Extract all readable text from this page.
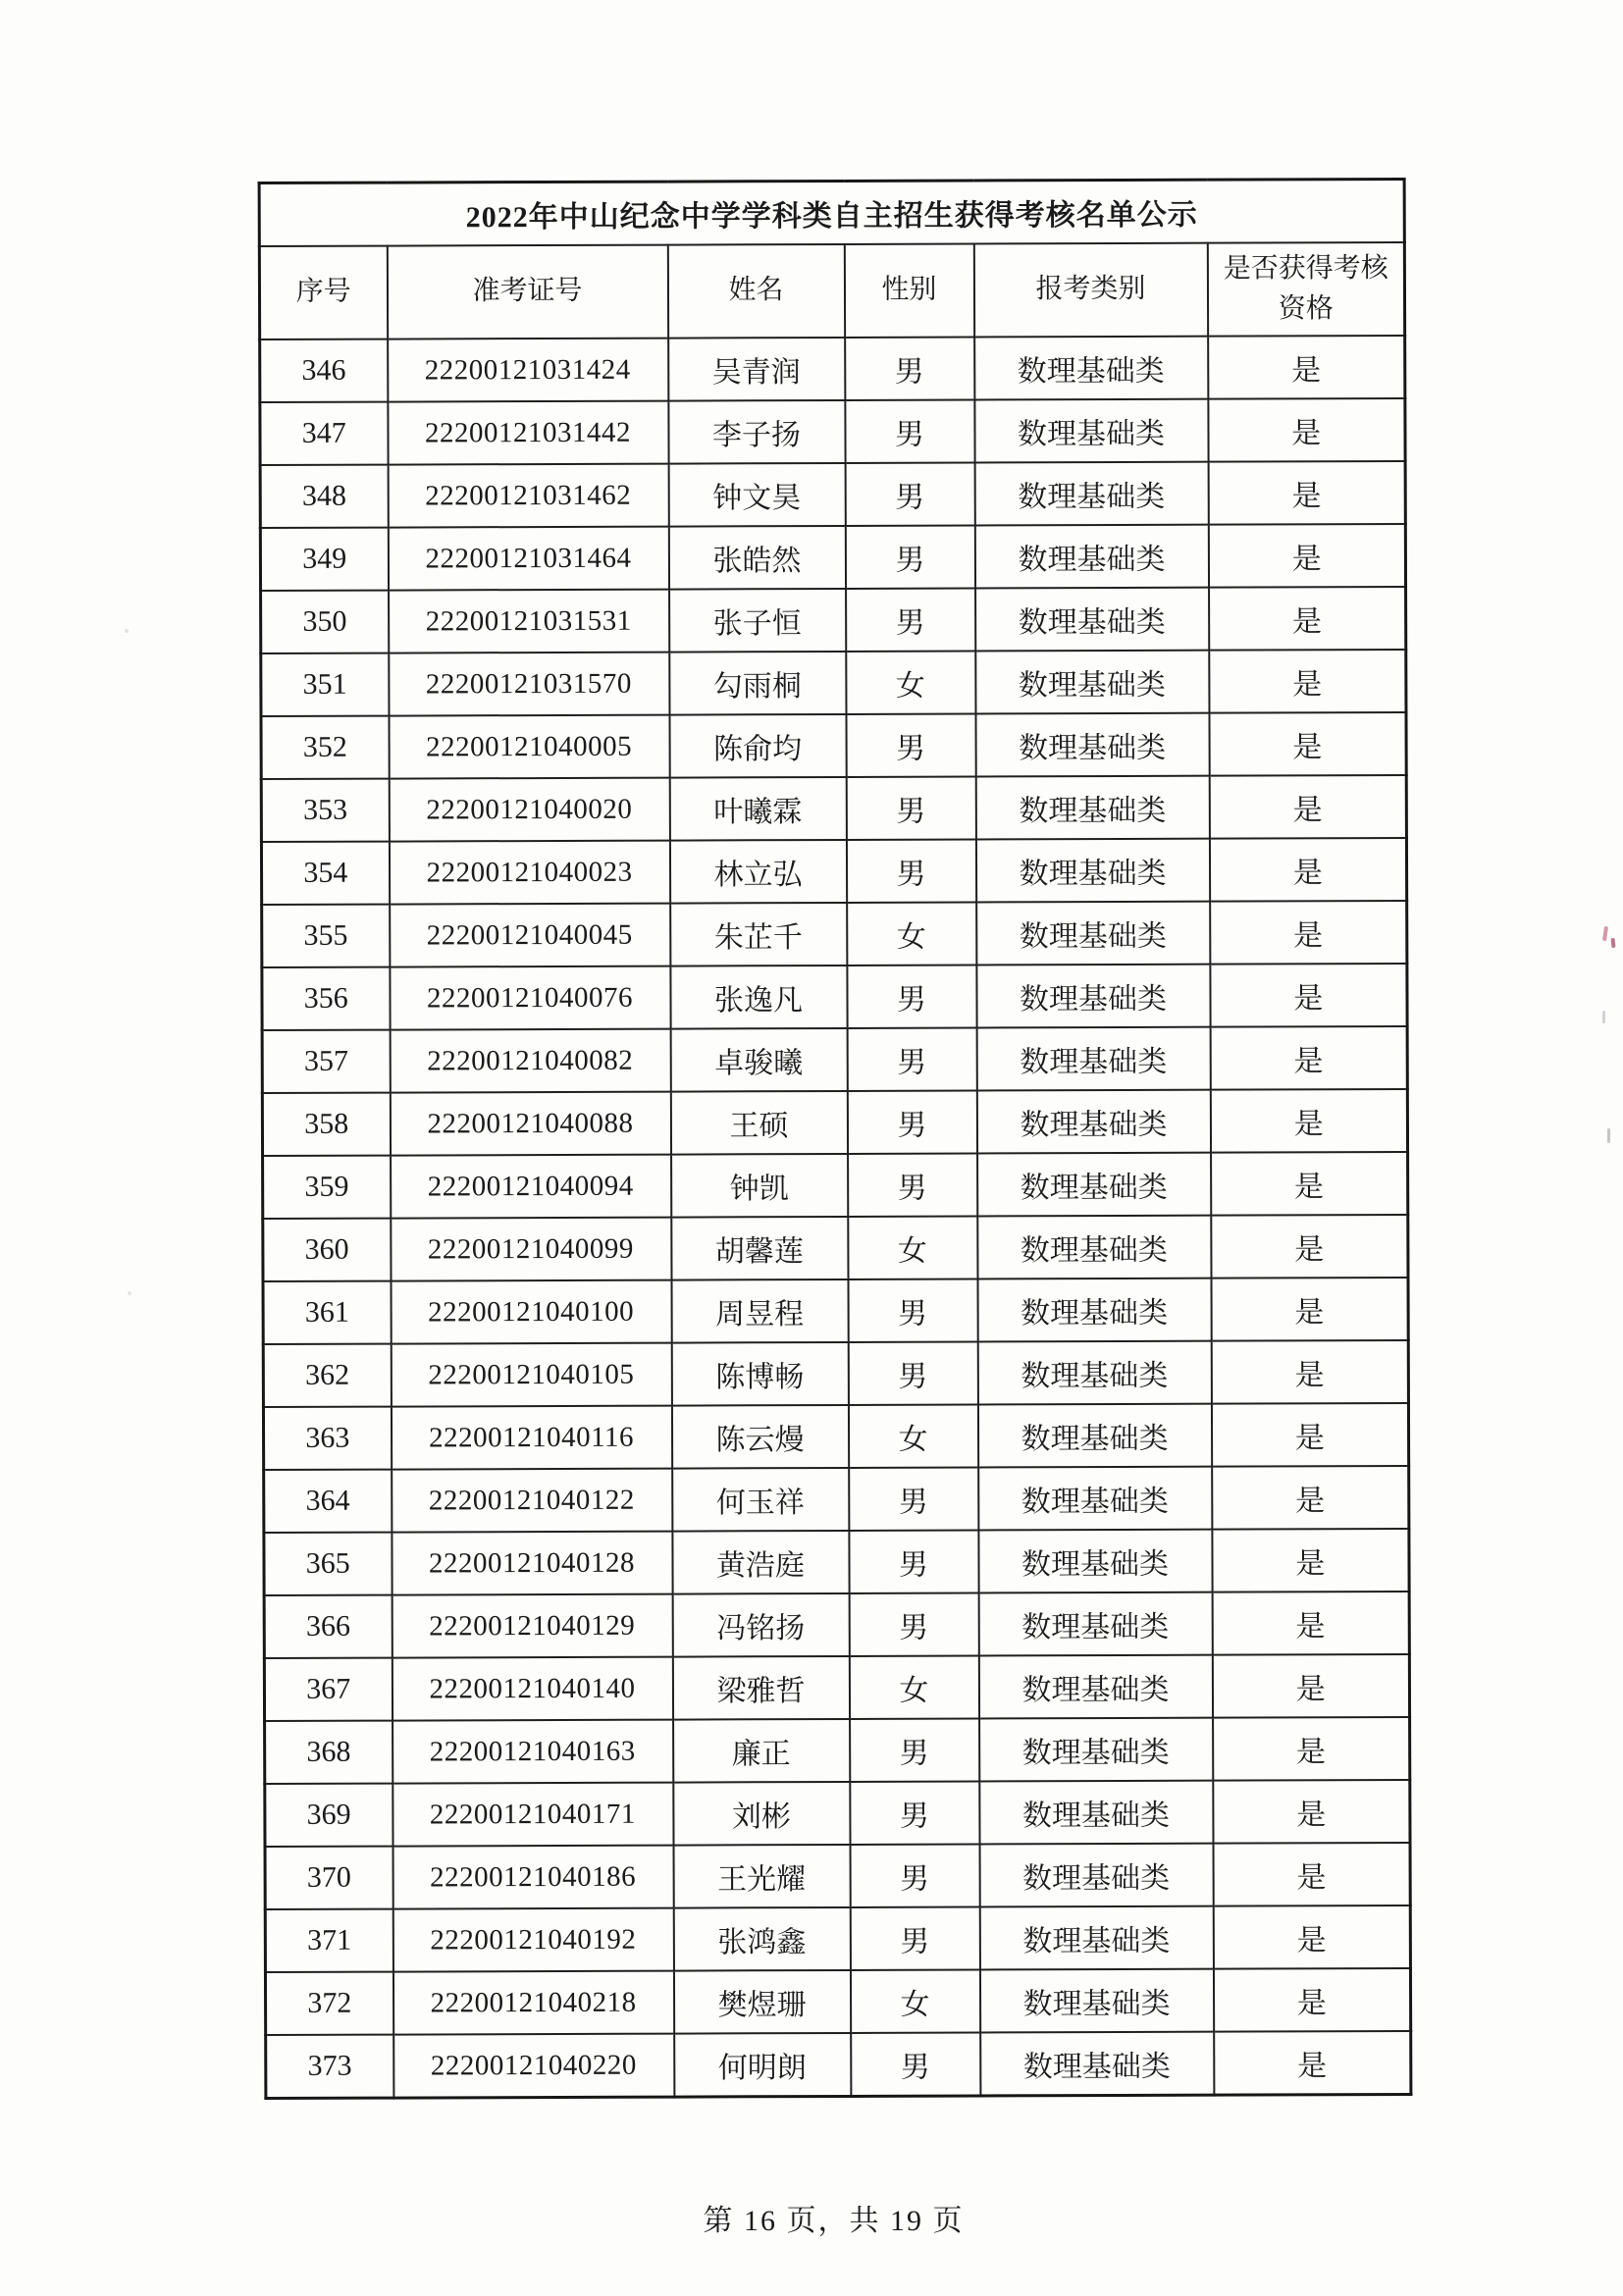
2022年中山纪念中学学科类自主招生获得考核名单公示					
序号	准考证号	姓名	性别	报考类别	是否获得考核资格
346	22200121031424	吴青润	男	数理基础类	是
347	22200121031442	李子扬	男	数理基础类	是
348	22200121031462	钟文昊	男	数理基础类	是
349	22200121031464	张皓然	男	数理基础类	是
350	22200121031531	张子恒	男	数理基础类	是
351	22200121031570	勾雨桐	女	数理基础类	是
352	22200121040005	陈俞均	男	数理基础类	是
353	22200121040020	叶曦霖	男	数理基础类	是
354	22200121040023	林立弘	男	数理基础类	是
355	22200121040045	朱芷千	女	数理基础类	是
356	22200121040076	张逸凡	男	数理基础类	是
357	22200121040082	卓骏曦	男	数理基础类	是
358	22200121040088	王硕	男	数理基础类	是
359	22200121040094	钟凯	男	数理基础类	是
360	22200121040099	胡馨莲	女	数理基础类	是
361	22200121040100	周昱程	男	数理基础类	是
362	22200121040105	陈博畅	男	数理基础类	是
363	22200121040116	陈云熳	女	数理基础类	是
364	22200121040122	何玉祥	男	数理基础类	是
365	22200121040128	黄浩庭	男	数理基础类	是
366	22200121040129	冯铭扬	男	数理基础类	是
367	22200121040140	梁雅哲	女	数理基础类	是
368	22200121040163	廉正	男	数理基础类	是
369	22200121040171	刘彬	男	数理基础类	是
370	22200121040186	王光耀	男	数理基础类	是
371	22200121040192	张鸿鑫	男	数理基础类	是
372	22200121040218	樊煜珊	女	数理基础类	是
373	22200121040220	何明朗	男	数理基础类	是
第 16 页，共 19 页
